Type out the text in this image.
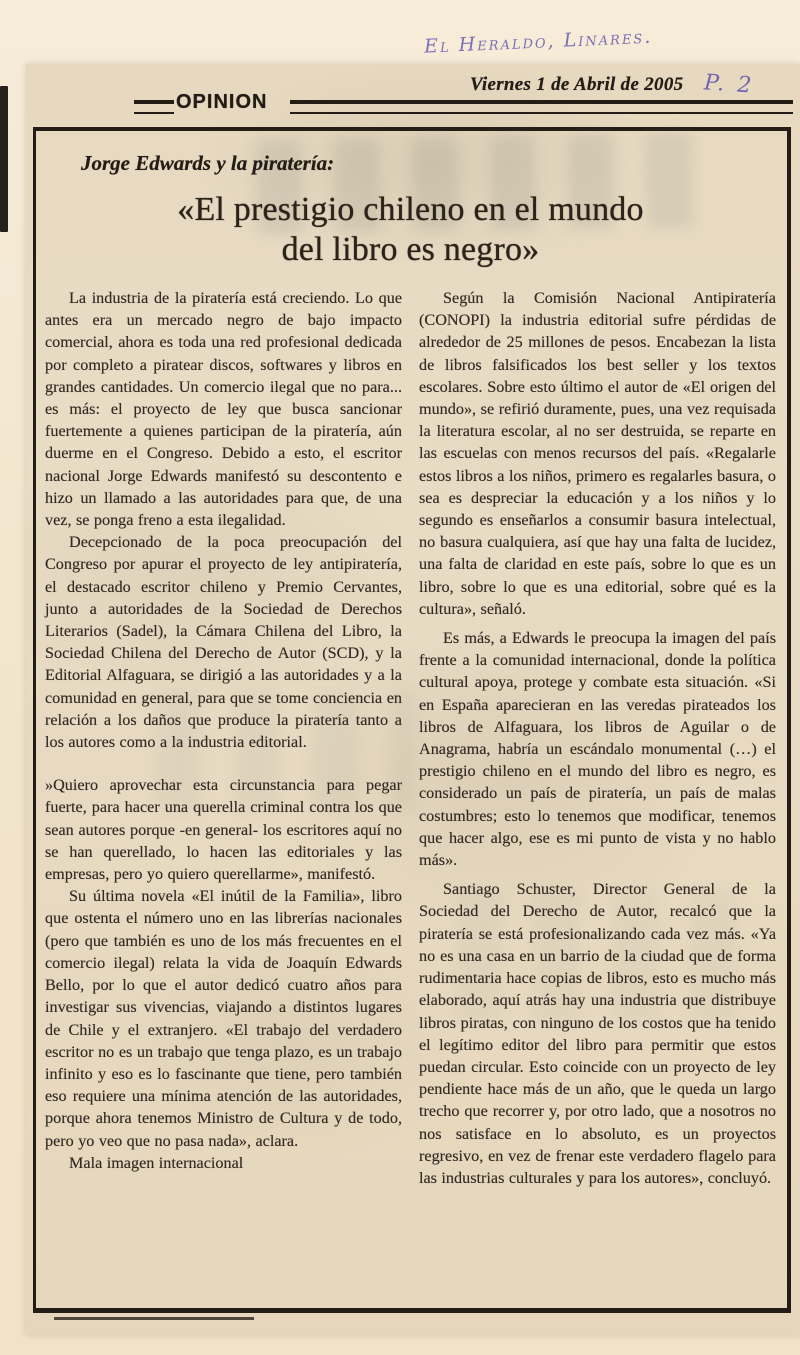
El Heraldo, Linares.
OPINION
Viernes 1 de Abril de 2005
Jorge Edwards y la piratería:
«El prestigio chileno en el mundo
del libro es negro»

La industria de la piratería está creciendo. Lo que antes era un mercado negro de bajo impacto comercial, ahora es toda una red profesional dedicada por completo a piratear discos, softwares y libros en grandes cantidades. Un comercio ilegal que no para... es más: el proyecto de ley que busca sancionar fuertemente a quienes participan de la piratería, aún duerme en el Congreso. Debido a esto, el escritor nacional Jorge Edwards manifestó su descontento e hizo un llamado a las autoridades para que, de una vez, se ponga freno a esta ilegalidad.

Decepcionado de la poca preocupación del Congreso por apurar el proyecto de ley antipiratería, el destacado escritor chileno y Premio Cervantes, junto a autoridades de la Sociedad de Derechos Literarios (Sadel), la Cámara Chilena del Libro, la Sociedad Chilena del Derecho de Autor (SCD), y la Editorial Alfaguara, se dirigió a las autoridades y a la comunidad en general, para que se tome conciencia en relación a los daños que produce la piratería tanto a los autores como a la industria editorial.

»Quiero aprovechar esta circunstancia para pegar fuerte, para hacer una querella criminal contra los que sean autores porque -en general- los escritores aquí no se han querellado, lo hacen las editoriales y las empresas, pero yo quiero querellarme», manifestó.

Su última novela «El inútil de la Familia», libro que ostenta el número uno en las librerías nacionales (pero que también es uno de los más frecuentes en el comercio ilegal) relata la vida de Joaquín Edwards Bello, por lo que el autor dedicó cuatro años para investigar sus vivencias, viajando a distintos lugares de Chile y el extranjero. «El trabajo del verdadero escritor no es un trabajo que tenga plazo, es un trabajo infinito y eso es lo fascinante que tiene, pero también eso requiere una mínima atención de las autoridades, porque ahora tenemos Ministro de Cultura y de todo, pero yo veo que no pasa nada», aclara.

Mala imagen internacional

Según la Comisión Nacional Antipiratería (CONOPI) la industria editorial sufre pérdidas de alrededor de 25 millones de pesos. Encabezan la lista de libros falsificados los best seller y los textos escolares. Sobre esto último el autor de «El origen del mundo», se refirió duramente, pues, una vez requisada la literatura escolar, al no ser destruida, se reparte en las escuelas con menos recursos del país. «Regalarle estos libros a los niños, primero es regalarles basura, o sea es despreciar la educación y a los niños y lo segundo es enseñarlos a consumir basura intelectual, no basura cualquiera, así que hay una falta de lucidez, una falta de claridad en este país, sobre lo que es un libro, sobre lo que es una editorial, sobre qué es la cultura», señaló.

Es más, a Edwards le preocupa la imagen del país frente a la comunidad internacional, donde la política cultural apoya, protege y combate esta situación. «Si en España aparecieran en las veredas pirateados los libros de Alfaguara, los libros de Aguilar o de Anagrama, habría un escándalo monumental (…) el prestigio chileno en el mundo del libro es negro, es considerado un país de piratería, un país de malas costumbres; esto lo tenemos que modificar, tenemos que hacer algo, ese es mi punto de vista y no hablo más».

Santiago Schuster, Director General de la Sociedad del Derecho de Autor, recalcó que la piratería se está profesionalizando cada vez más. «Ya no es una casa en un barrio de la ciudad que de forma rudimentaria hace copias de libros, esto es mucho más elaborado, aquí atrás hay una industria que distribuye libros piratas, con ninguno de los costos que ha tenido el legítimo editor del libro para permitir que estos puedan circular. Esto coincide con un proyecto de ley pendiente hace más de un año, que le queda un largo trecho que recorrer y, por otro lado, que a nosotros no nos satisface en lo absoluto, es un proyectos regresivo, en vez de frenar este verdadero flagelo para las industrias culturales y para los autores», concluyó.

P. 2
